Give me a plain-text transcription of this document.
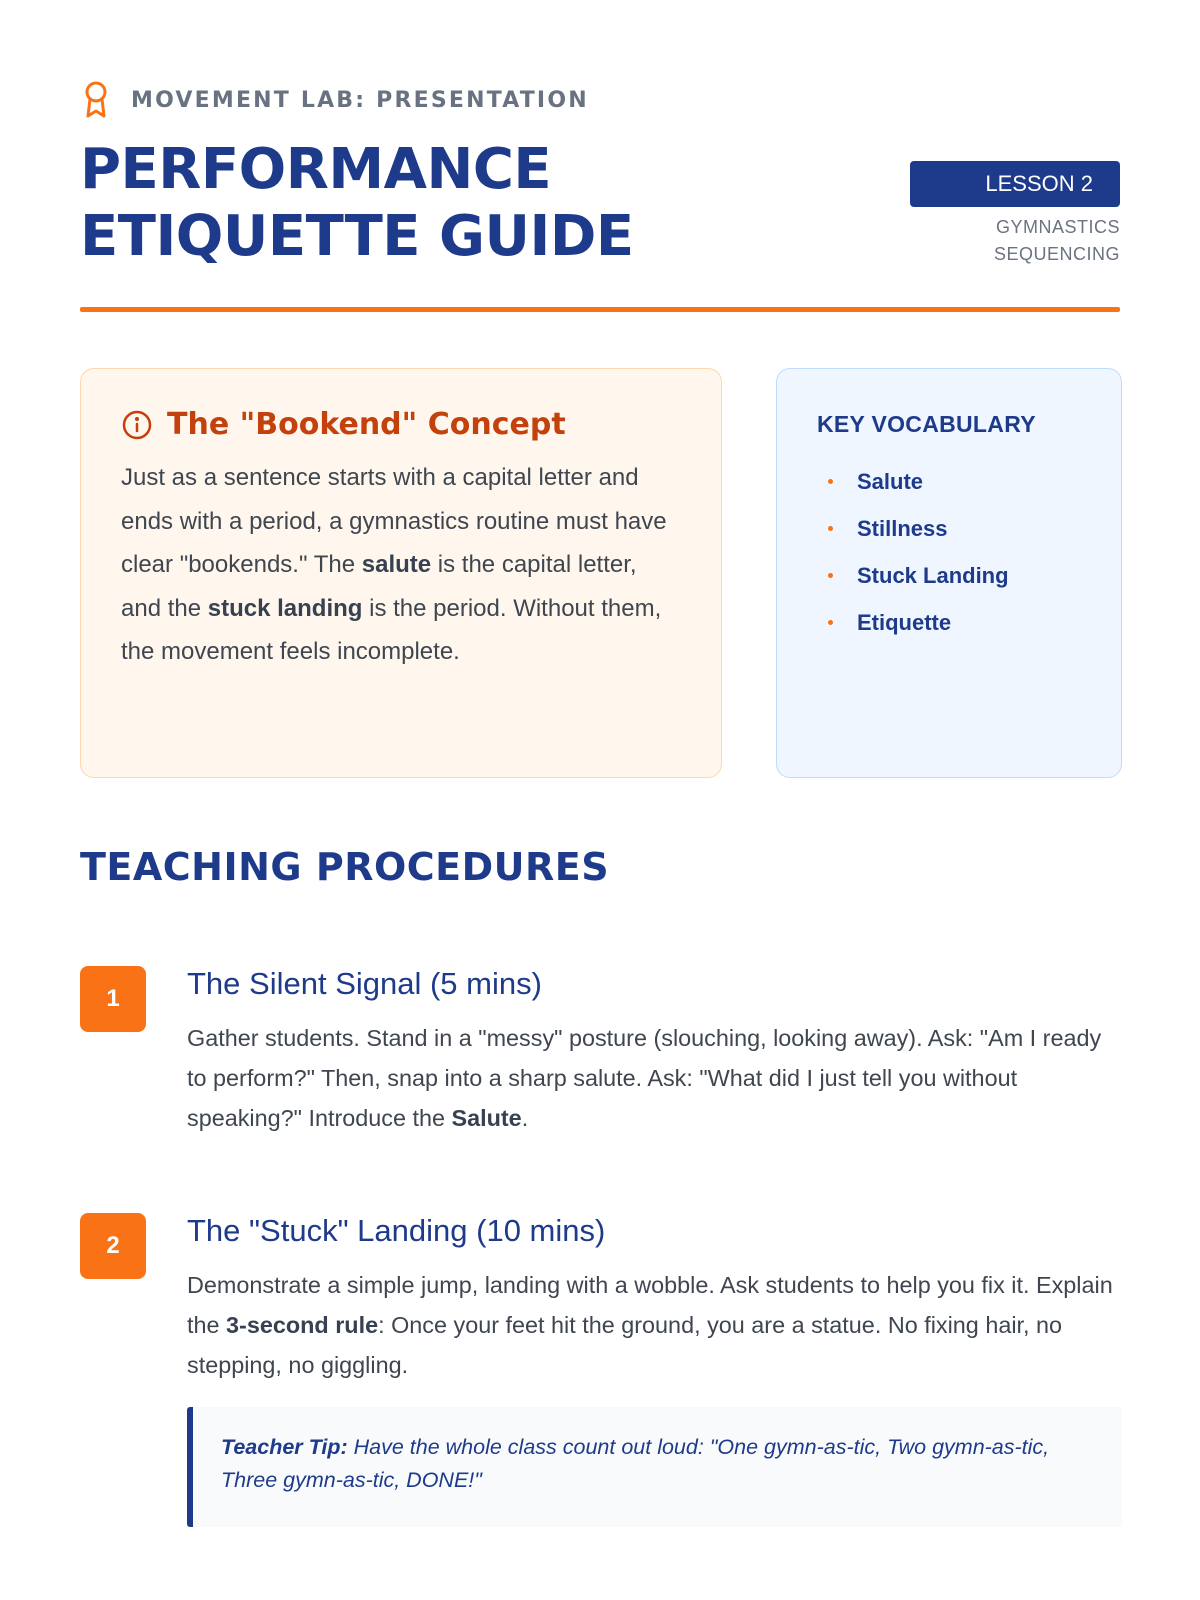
MOVEMENT LAB: PRESENTATION
PERFORMANCE
ETIQUETTE GUIDE
LESSON 2
GYMNASTICS
SEQUENCING
The "Bookend" Concept

Just as a sentence starts with a capital letter and ends with a period, a gymnastics routine must have clear "bookends." The salute is the capital letter, and the stuck landing is the period. Without them, the movement feels incomplete.

KEY VOCABULARY
Salute
Stillness
Stuck Landing
Etiquette
TEACHING PROCEDURES
1	The Silent Signal (5 mins)

Gather students. Stand in a "messy" posture (slouching, looking away). Ask: "Am I ready to perform?" Then, snap into a sharp salute. Ask: "What did I just tell you without speaking?" Introduce the Salute.

2	The "Stuck" Landing (10 mins)

Demonstrate a simple jump, landing with a wobble. Ask students to help you fix it. Explain the 3-second rule: Once your feet hit the ground, you are a statue. No fixing hair, no stepping, no giggling.

Teacher Tip: Have the whole class count out loud: "One gymn-as-tic, Two gymn-as-tic, Three gymn-as-tic, DONE!"
